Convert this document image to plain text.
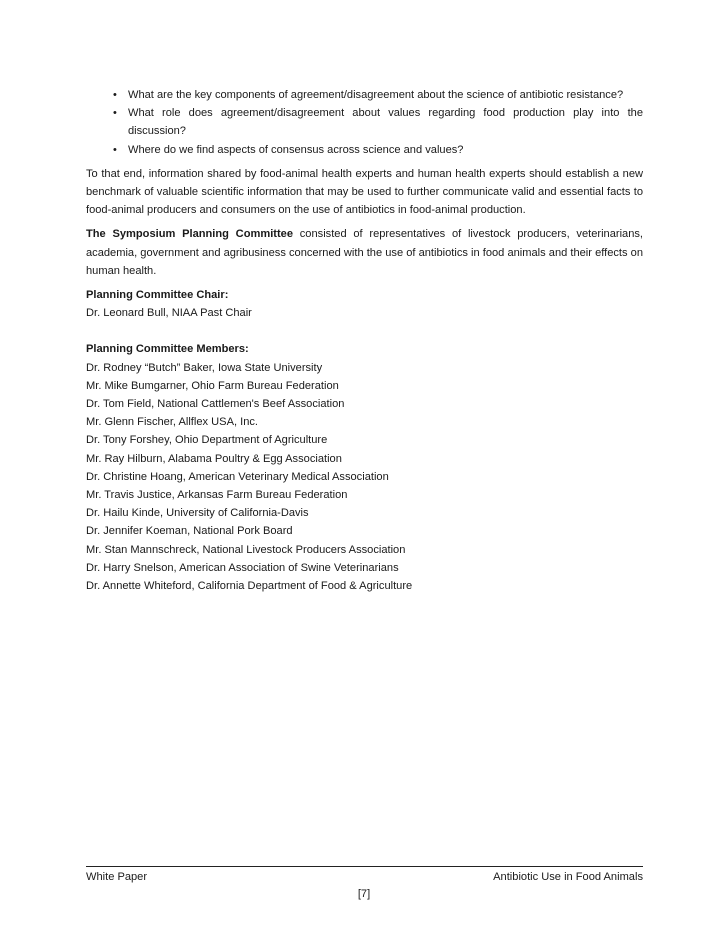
• What are the key components of agreement/disagreement about the science of antibiotic resistance?
• What role does agreement/disagreement about values regarding food production play into the discussion?
• Where do we find aspects of consensus across science and values?

To that end, information shared by food-animal health experts and human health experts should establish a new benchmark of valuable scientific information that may be used to further communicate valid and essential facts to food-animal producers and consumers on the use of antibiotics in food-animal production.

The Symposium Planning Committee consisted of representatives of livestock producers, veterinarians, academia, government and agribusiness concerned with the use of antibiotics in food animals and their effects on human health.

Planning Committee Chair:

Dr. Leonard Bull, NIAA Past Chair

Planning Committee Members:

Dr. Rodney “Butch” Baker, Iowa State University
Mr. Mike Bumgarner, Ohio Farm Bureau Federation
Dr. Tom Field, National Cattlemen's Beef Association
Mr. Glenn Fischer, Allflex USA, Inc.
Dr. Tony Forshey, Ohio Department of Agriculture
Mr. Ray Hilburn, Alabama Poultry & Egg Association
Dr. Christine Hoang, American Veterinary Medical Association
Mr. Travis Justice, Arkansas Farm Bureau Federation
Dr. Hailu Kinde, University of California-Davis
Dr. Jennifer Koeman, National Pork Board
Mr. Stan Mannschreck, National Livestock Producers Association
Dr. Harry Snelson, American Association of Swine Veterinarians
Dr. Annette Whiteford, California Department of Food & Agriculture
White Paper	Antibiotic Use in Food Animals
[7]
